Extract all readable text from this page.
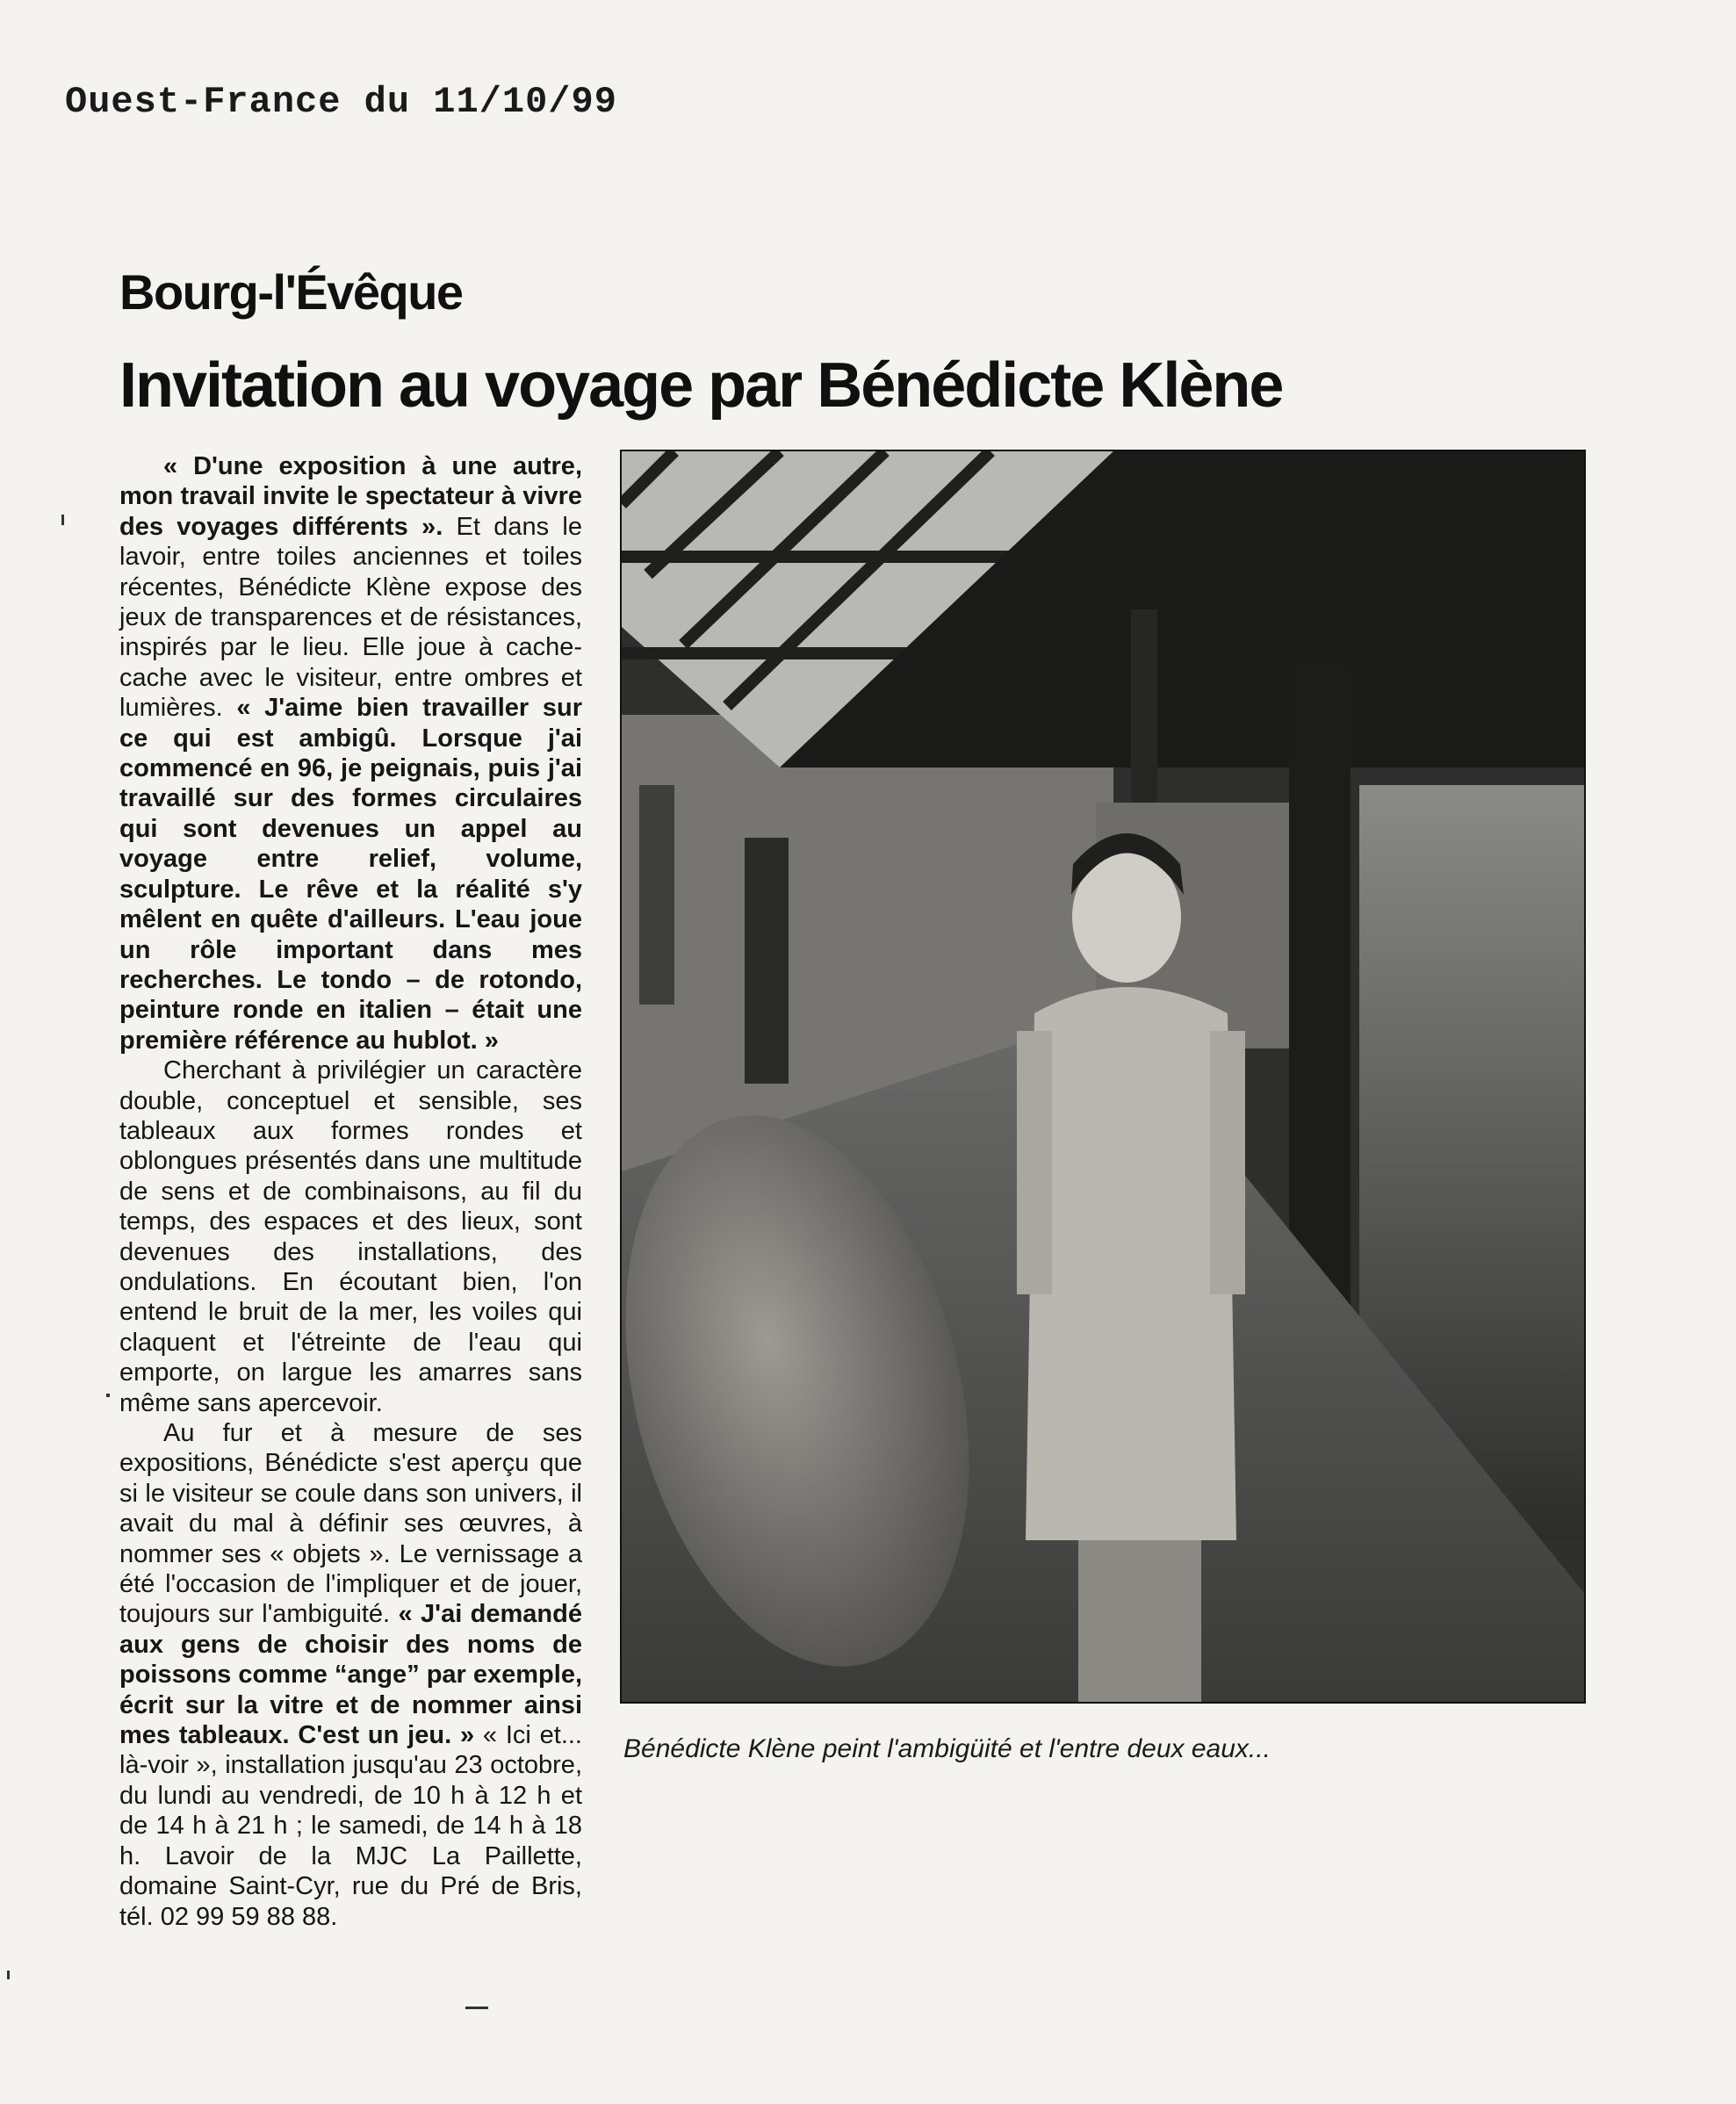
Ouest-France du 11/10/99
Bourg-l'Évêque
Invitation au voyage par Bénédicte Klène

« D'une exposition à une autre, mon travail invite le spectateur à vivre des voyages différents ». Et dans le lavoir, entre toiles anciennes et toiles récentes, Bénédicte Klène expose des jeux de transparences et de résistances, inspirés par le lieu. Elle joue à cache-cache avec le visiteur, entre ombres et lumières. « J'aime bien travailler sur ce qui est ambigû. Lorsque j'ai commencé en 96, je peignais, puis j'ai travaillé sur des formes circulaires qui sont devenues un appel au voyage entre relief, volume, sculpture. Le rêve et la réalité s'y mêlent en quête d'ailleurs. L'eau joue un rôle important dans mes recherches. Le tondo – de rotondo, peinture ronde en italien – était une première référence au hublot. »

Cherchant à privilégier un caractère double, conceptuel et sensible, ses tableaux aux formes rondes et oblongues présentés dans une multitude de sens et de combinaisons, au fil du temps, des espaces et des lieux, sont devenues des installations, des ondulations. En écoutant bien, l'on entend le bruit de la mer, les voiles qui claquent et l'étreinte de l'eau qui emporte, on largue les amarres sans même sans apercevoir.

Au fur et à mesure de ses expositions, Bénédicte s'est aperçu que si le visiteur se coule dans son univers, il avait du mal à définir ses œuvres, à nommer ses « objets ». Le vernissage a été l'occasion de l'impliquer et de jouer, toujours sur l'ambiguité. « J'ai demandé aux gens de choisir des noms de poissons comme “ange” par exemple, écrit sur la vitre et de nommer ainsi mes tableaux. C'est un jeu. » « Ici et... là-voir », installation jusqu'au 23 octobre, du lundi au vendredi, de 10 h à 12 h et de 14 h à 21 h ; le samedi, de 14 h à 18 h. Lavoir de la MJC La Paillette, domaine Saint-Cyr, rue du Pré de Bris, tél. 02 99 59 88 88.

Bénédicte Klène peint l'ambigüité et l'entre deux eaux...
